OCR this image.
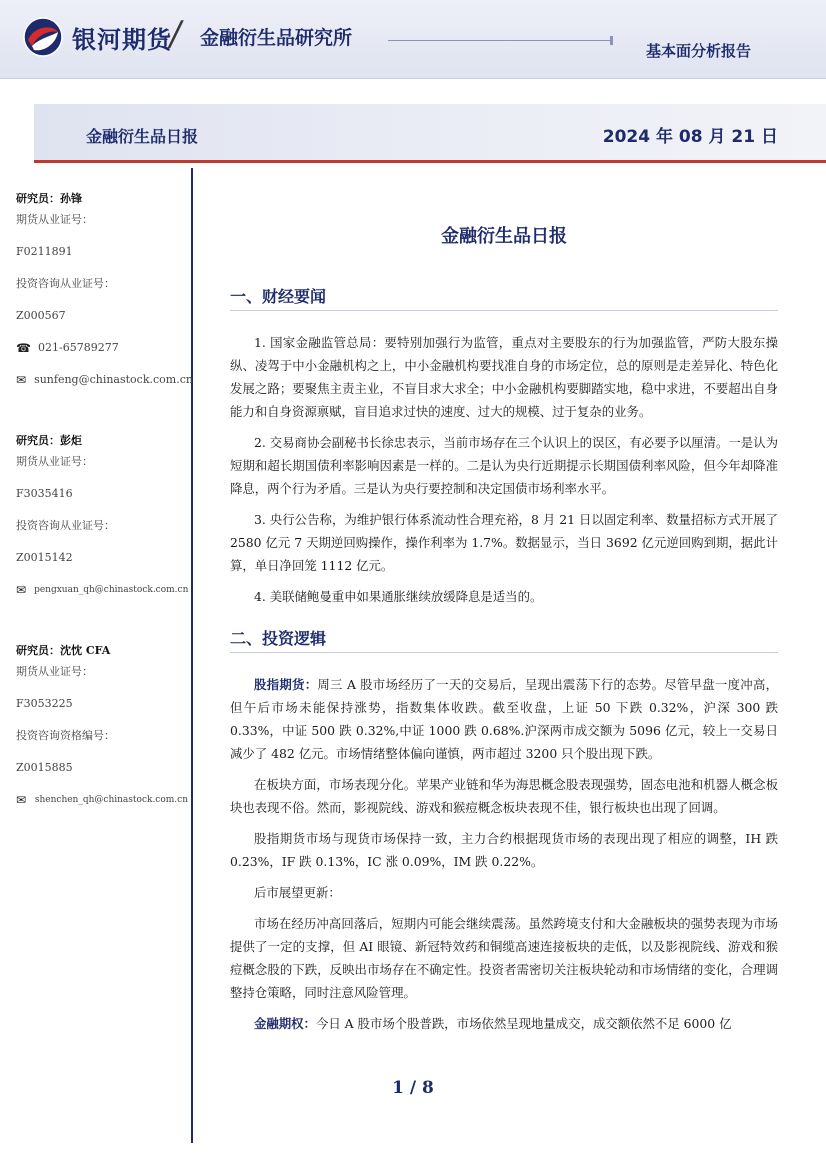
银河期货
/ 金融衍生品研究所
基本面分析报告
金融衍生品日报	2024 年 08 月 21 日
研究员：孙锋
期货从业证号：
F0211891
投资咨询从业证号：
Z000567
☎ 021-65789277
✉ sunfeng@chinastock.com.cn
研究员：彭炬
期货从业证号：
F3035416
投资咨询从业证号：
Z0015142
✉ pengxuan_qh@chinastock.com.cn
研究员：沈忱 CFA
期货从业证号：
F3053225
投资咨询资格编号：
Z0015885
✉ shenchen_qh@chinastock.com.cn
金融衍生品日报
一、财经要闻

1. 国家金融监管总局：要特别加强行为监管，重点对主要股东的行为加强监管，严防大股东操纵、凌驾于中小金融机构之上，中小金融机构要找准自身的市场定位，总的原则是走差异化、特色化发展之路；要聚焦主责主业，不盲目求大求全；中小金融机构要脚踏实地，稳中求进，不要超出自身能力和自身资源禀赋，盲目追求过快的速度、过大的规模、过于复杂的业务。

2. 交易商协会副秘书长徐忠表示，当前市场存在三个认识上的误区，有必要予以厘清。一是认为短期和超长期国债利率影响因素是一样的。二是认为央行近期提示长期国债利率风险，但今年却降准降息，两个行为矛盾。三是认为央行要控制和决定国债市场利率水平。

3. 央行公告称，为维护银行体系流动性合理充裕，8 月 21 日以固定利率、数量招标方式开展了 2580 亿元 7 天期逆回购操作，操作利率为 1.7%。数据显示，当日 3692 亿元逆回购到期，据此计算，单日净回笼 1112 亿元。

4. 美联储鲍曼重申如果通胀继续放缓降息是适当的。

二、投资逻辑

股指期货：周三 A 股市场经历了一天的交易后，呈现出震荡下行的态势。尽管早盘一度冲高，但午后市场未能保持涨势，指数集体收跌。截至收盘，上证 50 下跌 0.32%，沪深 300 跌 0.33%，中证 500 跌 0.32%,中证 1000 跌 0.68%.沪深两市成交额为 5096 亿元，较上一交易日减少了 482 亿元。市场情绪整体偏向谨慎，两市超过 3200 只个股出现下跌。

在板块方面，市场表现分化。苹果产业链和华为海思概念股表现强势，固态电池和机器人概念板块也表现不俗。然而，影视院线、游戏和猴痘概念板块表现不佳，银行板块也出现了回调。

股指期货市场与现货市场保持一致，主力合约根据现货市场的表现出现了相应的调整，IH 跌 0.23%，IF 跌 0.13%，IC 涨 0.09%，IM 跌 0.22%。

后市展望更新：

市场在经历冲高回落后，短期内可能会继续震荡。虽然跨境支付和大金融板块的强势表现为市场提供了一定的支撑，但 AI 眼镜、新冠特效药和铜缆高速连接板块的走低，以及影视院线、游戏和猴痘概念股的下跌，反映出市场存在不确定性。投资者需密切关注板块轮动和市场情绪的变化，合理调整持仓策略，同时注意风险管理。

金融期权：今日 A 股市场个股普跌，市场依然呈现地量成交，成交额依然不足 6000 亿

1 / 8
